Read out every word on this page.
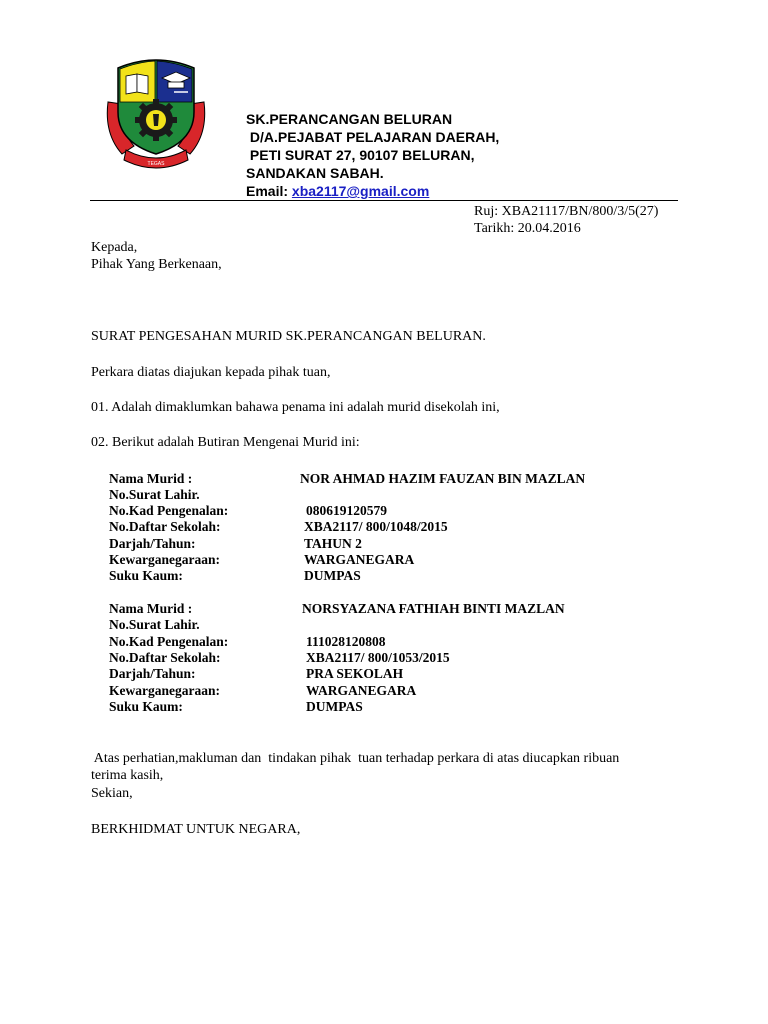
TEGAS
SK.PERANCANGAN BELURAN
D/A.PEJABAT PELAJARAN DAERAH,
PETI SURAT 27, 90107 BELURAN,
SANDAKAN SABAH.
Email: xba2117@gmail.com
Ruj: XBA21117/BN/800/3/5(27)
Tarikh: 20.04.2016
Kepada,
Pihak Yang Berkenaan,
SURAT PENGESAHAN MURID SK.PERANCANGAN BELURAN.
Perkara diatas diajukan kepada pihak tuan,
01. Adalah dimaklumkan bahawa penama ini adalah murid disekolah ini,
02. Berikut adalah Butiran Mengenai Murid ini:
Nama Murid :
No.Surat Lahir.
No.Kad Pengenalan:
No.Daftar Sekolah:
Darjah/Tahun:
Kewarganegaraan:
Suku Kaum:
NOR AHMAD HAZIM FAUZAN BIN MAZLAN
080619120579
XBA2117/ 800/1048/2015
TAHUN 2
WARGANEGARA
DUMPAS
Nama Murid :
No.Surat Lahir.
No.Kad Pengenalan:
No.Daftar Sekolah:
Darjah/Tahun:
Kewarganegaraan:
Suku Kaum:
NORSYAZANA FATHIAH BINTI MAZLAN
111028120808
XBA2117/ 800/1053/2015
PRA SEKOLAH
WARGANEGARA
DUMPAS
Atas perhatian,makluman dan  tindakan pihak  tuan terhadap perkara di atas diucapkan ribuan
terima kasih,
Sekian,
BERKHIDMAT UNTUK NEGARA,
